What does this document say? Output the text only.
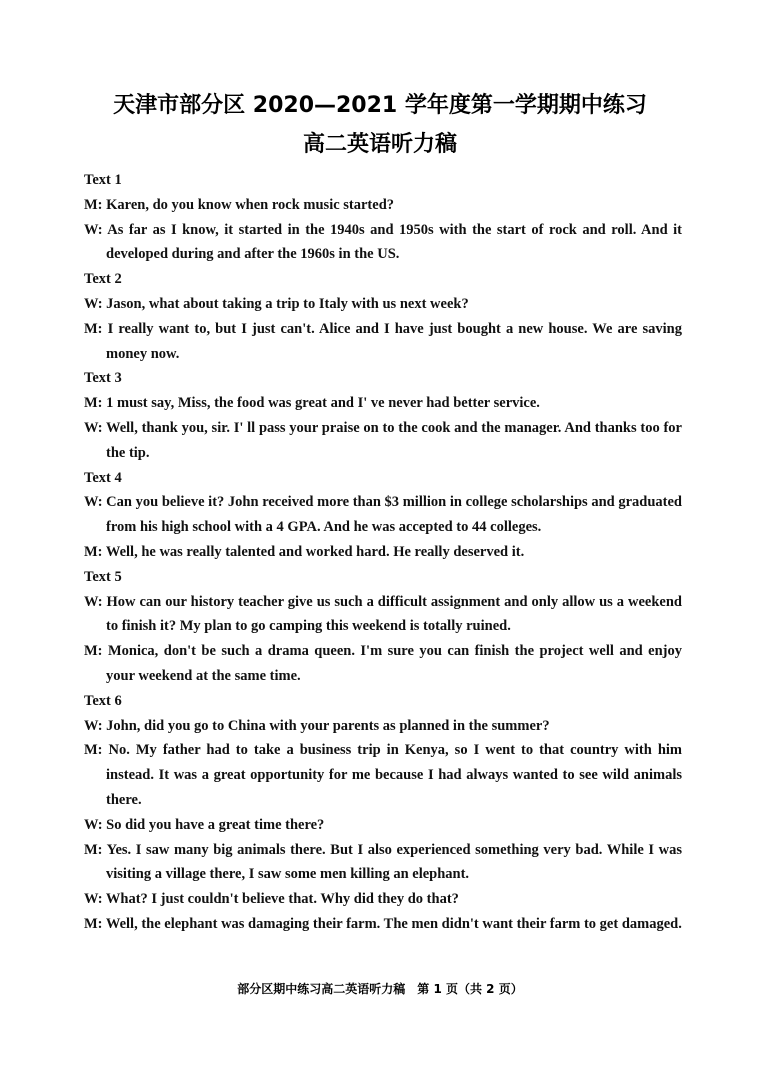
天津市部分区 2020—2021 学年度第一学期期中练习
高二英语听力稿
Text 1
M: Karen, do you know when rock music started?
W: As far as I know, it started in the 1940s and 1950s with the start of rock and roll. And it developed during and after the 1960s in the US.
Text 2
W: Jason, what about taking a trip to Italy with us next week?
M: I really want to, but I just can't. Alice and I have just bought a new house. We are saving money now.
Text 3
M: 1 must say, Miss, the food was great and I' ve never had better service.
W: Well, thank you, sir. I' ll pass your praise on to the cook and the manager. And thanks too for the tip.
Text 4
W: Can you believe it? John received more than $3 million in college scholarships and graduated from his high school with a 4 GPA. And he was accepted to 44 colleges.
M: Well, he was really talented and worked hard. He really deserved it.
Text 5
W: How can our history teacher give us such a difficult assignment and only allow us a weekend to finish it? My plan to go camping this weekend is totally ruined.
M: Monica, don't be such a drama queen. I'm sure you can finish the project well and enjoy your weekend at the same time.
Text 6
W: John, did you go to China with your parents as planned in the summer?
M: No. My father had to take a business trip in Kenya, so I went to that country with him instead. It was a great opportunity for me because I had always wanted to see wild animals there.
W: So did you have a great time there?
M: Yes. I saw many big animals there. But I also experienced something very bad. While I was visiting a village there, I saw some men killing an elephant.
W: What? I just couldn't believe that. Why did they do that?
M: Well, the elephant was damaging their farm. The men didn't want their farm to get damaged.
部分区期中练习高二英语听力稿　第 1 页（共 2 页）
